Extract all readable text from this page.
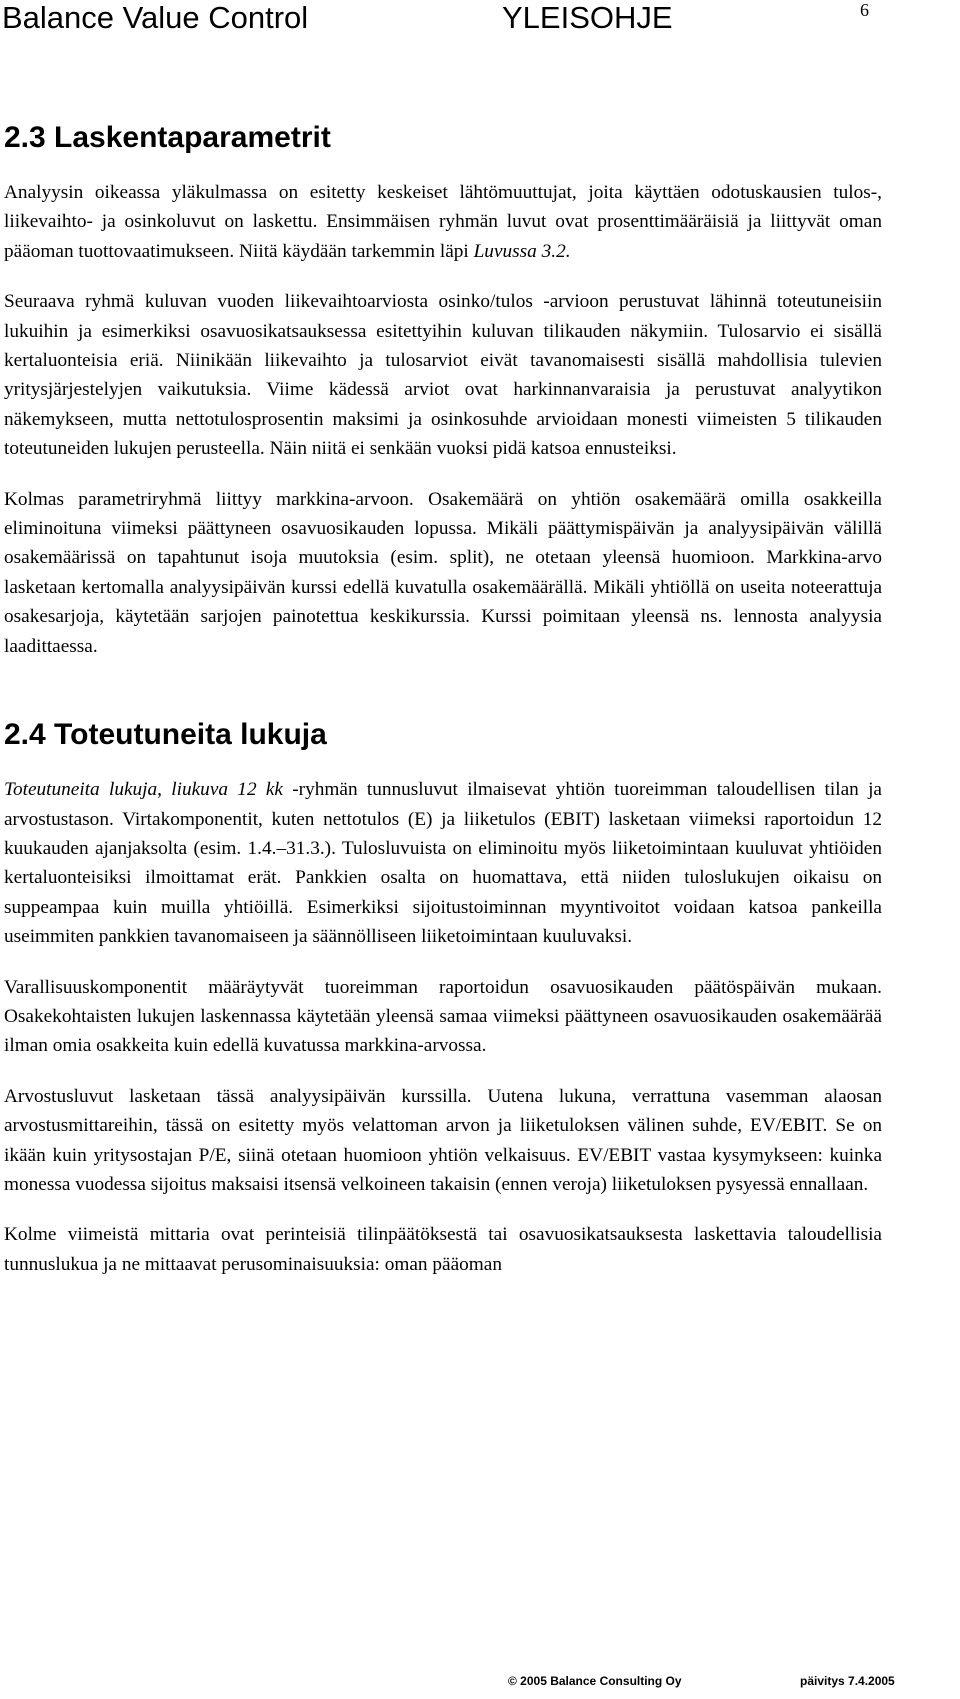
Balance Value Control	YLEISOHJE	6
2.3 Laskentaparametrit

Analyysin oikeassa yläkulmassa on esitetty keskeiset lähtömuuttujat, joita käyttäen odotuskausien tulos-, liikevaihto- ja osinkoluvut on laskettu. Ensimmäisen ryhmän luvut ovat prosenttimääräisiä ja liittyvät oman pääoman tuottovaatimukseen. Niitä käydään tarkemmin läpi Luvussa 3.2.

Seuraava ryhmä kuluvan vuoden liikevaihtoarviosta osinko/tulos -arvioon perustuvat lähinnä toteutuneisiin lukuihin ja esimerkiksi osavuosikatsauksessa esitettyihin kuluvan tilikauden näkymiin. Tulosarvio ei sisällä kertaluonteisia eriä. Niinikään liikevaihto ja tulosarviot eivät tavanomaisesti sisällä mahdollisia tulevien yritysjärjestelyjen vaikutuksia. Viime kädessä arviot ovat harkinnanvaraisia ja perustuvat analyytikon näkemykseen, mutta nettotulosprosentin maksimi ja osinkosuhde arvioidaan monesti viimeisten 5 tilikauden toteutuneiden lukujen perusteella. Näin niitä ei senkään vuoksi pidä katsoa ennusteiksi.

Kolmas parametriryhmä liittyy markkina-arvoon. Osakemäärä on yhtiön osakemäärä omilla osakkeilla eliminoituna viimeksi päättyneen osavuosikauden lopussa. Mikäli päättymispäivän ja analyysipäivän välillä osakemäärissä on tapahtunut isoja muutoksia (esim. split), ne otetaan yleensä huomioon. Markkina-arvo lasketaan kertomalla analyysipäivän kurssi edellä kuvatulla osakemäärällä. Mikäli yhtiöllä on useita noteerattuja osakesarjoja, käytetään sarjojen painotettua keskikurssia. Kurssi poimitaan yleensä ns. lennosta analyysia laadittaessa.

2.4 Toteutuneita lukuja

Toteutuneita lukuja, liukuva 12 kk -ryhmän tunnusluvut ilmaisevat yhtiön tuoreimman taloudellisen tilan ja arvostustason. Virtakomponentit, kuten nettotulos (E) ja liiketulos (EBIT) lasketaan viimeksi raportoidun 12 kuukauden ajanjaksolta (esim. 1.4.–31.3.). Tulosluvuista on eliminoitu myös liiketoimintaan kuuluvat yhtiöiden kertaluonteisiksi ilmoittamat erät. Pankkien osalta on huomattava, että niiden tuloslukujen oikaisu on suppeampaa kuin muilla yhtiöillä. Esimerkiksi sijoitustoiminnan myyntivoitot voidaan katsoa pankeilla useimmiten pankkien tavanomaiseen ja säännölliseen liiketoimintaan kuuluvaksi.

Varallisuuskomponentit määräytyvät tuoreimman raportoidun osavuosikauden päätöspäivän mukaan. Osakekohtaisten lukujen laskennassa käytetään yleensä samaa viimeksi päättyneen osavuosikauden osakemäärää ilman omia osakkeita kuin edellä kuvatussa markkina-arvossa.

Arvostusluvut lasketaan tässä analyysipäivän kurssilla. Uutena lukuna, verrattuna vasemman alaosan arvostusmittareihin, tässä on esitetty myös velattoman arvon ja liiketuloksen välinen suhde, EV/EBIT. Se on ikään kuin yritysostajan P/E, siinä otetaan huomioon yhtiön velkaisuus. EV/EBIT vastaa kysymykseen: kuinka monessa vuodessa sijoitus maksaisi itsensä velkoineen takaisin (ennen veroja) liiketuloksen pysyessä ennallaan.

Kolme viimeistä mittaria ovat perinteisiä tilinpäätöksestä tai osavuosikatsauksesta laskettavia taloudellisia tunnuslukua ja ne mittaavat perusominaisuuksia: oman pääoman

© 2005 Balance Consulting Oy	päivitys 7.4.2005
